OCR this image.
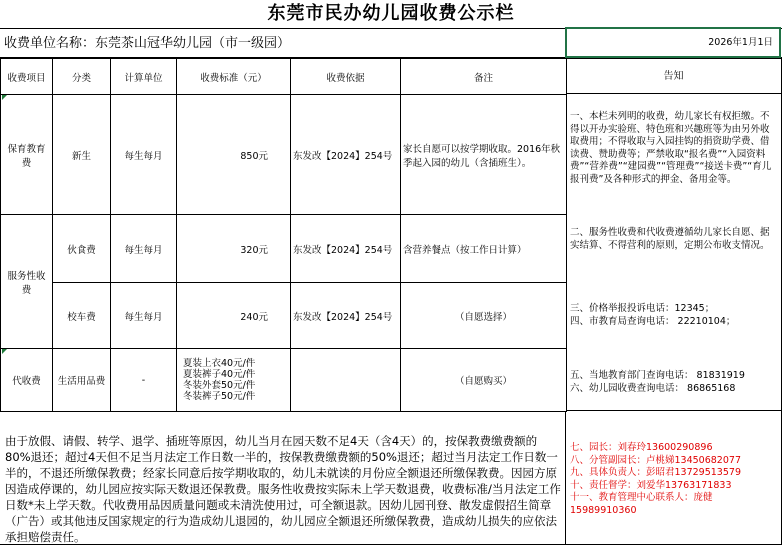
东莞市民办幼儿园收费公示栏
收费单位名称：东莞茶山冠华幼儿园（市一级园）	2026年1月1日
收费项目	分类	计算单位	收费标准（元）	收费依据	备注
保育教育费	新生	每生每月	850元	东发改【2024】254号	家长自愿可以按学期收取。2016年秋季起入园的幼儿（含插班生）。
服务性收 费	伙食费	每生每月	320元	东发改【2024】254号	含营养餐点（按工作日计算）
	校车费	每生每月	240元	东发改【2024】254号	（自愿选择）
代收费	生活用品费	-	夏装上衣40元/件
夏装裤子40元/件
冬装外套50元/件
冬装裤子50元/件		（自愿购买）
告知
一、本栏未列明的收费，幼儿家长有权拒缴。不得以开办实验班、特色班和兴趣班等为由另外收取费用；不得收取与入园挂钩的捐资助学费、借读费、赞助费等；严禁收取“报名费”“入园资料费”“营养费”“建园费”“管理费”“接送卡费”“育儿报刊费”及各种形式的押金、备用金等。
二、服务性收费和代收费遵循幼儿家长自愿、据实结算、不得营利的原则，定期公布收支情况。
三、价格举报投诉电话：12345；
四、市教育局查询电话： 22210104；
五、当地教育部门查询电话： 81831919
六、幼儿园收费查询电话： 86865168
由于放假、请假、转学、退学、插班等原因，幼儿当月在园天数不足4天（含4天）的，按保教费缴费额的80%退还；超过4天但不足当月法定工作日数一半的，按保教费缴费额的50%退还；超过当月法定工作日数一半的，不退还所缴保教费；经家长同意后按学期收取的，幼儿未就读的月份应全额退还所缴保教费。因园方原因造成停课的，幼儿园应按实际天数退还保教费。服务性收费按实际未上学天数退费，收费标准/当月法定工作日数*未上学天数。代收费用品因质量问题或未清洗使用过，可全额退款。因幼儿园刊登、散发虚假招生简章（广告）或其他违反国家规定的行为造成幼儿退园的，幼儿园应全额退还所缴保教费，造成幼儿损失的应依法承担赔偿责任。
七、园长：刘春玲13600290896
八、分管副园长：卢桃娣13450682077
九、具体负责人：彭昭君13729513579
十、责任督学：刘爱华13763171833
十一、教育管理中心联系人：庞健15989910360
